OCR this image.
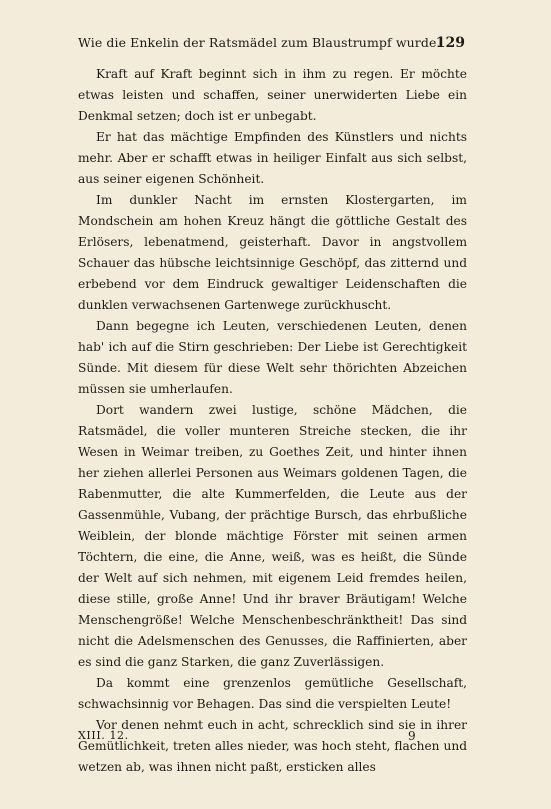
Wie die Enkelin der Ratsmädel zum Blaustrumpf wurde.
129

Kraft auf Kraft beginnt sich in ihm zu regen. Er möchte etwas leisten und schaffen, seiner unerwiderten Liebe ein Denkmal setzen; doch ist er unbegabt.

Er hat das mächtige Empfinden des Künstlers und nichts mehr. Aber er schafft etwas in heiliger Einfalt aus sich selbst, aus seiner eigenen Schönheit.

Im dunkler Nacht im ernsten Klostergarten, im Mondschein am hohen Kreuz hängt die göttliche Gestalt des Erlösers, lebenatmend, geisterhaft. Davor in angstvollem Schauer das hübsche leichtsinnige Geschöpf, das zitternd und erbebend vor dem Eindruck gewaltiger Leidenschaften die dunklen verwachsenen Gartenwege zurückhuscht.

Dann begegne ich Leuten, verschiedenen Leuten, denen hab' ich auf die Stirn geschrieben: Der Liebe ist Gerechtigkeit Sünde. Mit diesem für diese Welt sehr thörichten Abzeichen müssen sie umherlaufen.

Dort wandern zwei lustige, schöne Mädchen, die Ratsmädel, die voller munteren Streiche stecken, die ihr Wesen in Weimar treiben, zu Goethes Zeit, und hinter ihnen her ziehen allerlei Personen aus Weimars goldenen Tagen, die Rabenmutter, die alte Kummerfelden, die Leute aus der Gassenmühle, Vubang, der prächtige Bursch, das ehrbußliche Weiblein, der blonde mächtige Förster mit seinen armen Töchtern, die eine, die Anne, weiß, was es heißt, die Sünde der Welt auf sich nehmen, mit eigenem Leid fremdes heilen, diese stille, große Anne! Und ihr braver Bräutigam! Welche Menschengröße! Welche Menschenbeschränktheit! Das sind nicht die Adelsmenschen des Genusses, die Raffinierten, aber es sind die ganz Starken, die ganz Zuverlässigen.

Da kommt eine grenzenlos gemütliche Gesellschaft, schwachsinnig vor Behagen. Das sind die verspielten Leute!

Vor denen nehmt euch in acht, schrecklich sind sie in ihrer Gemütlichkeit, treten alles nieder, was hoch steht, flachen und wetzen ab, was ihnen nicht paßt, ersticken alles

XIII. 12.	9
